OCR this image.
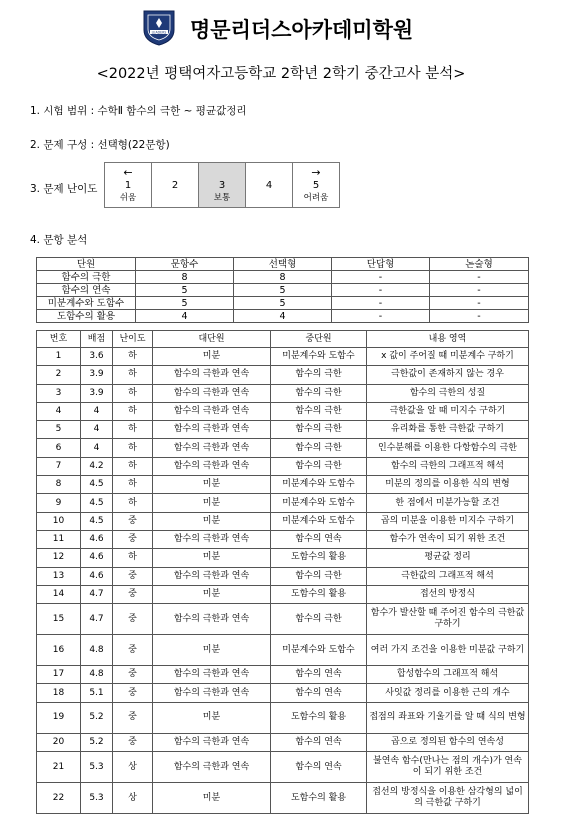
LEADERS 명문리더스아카데미학원
<2022년 평택여자고등학교 2학년 2학기 중간고사 분석>
1. 시험 범위 : 수학Ⅱ 함수의 극한 ~ 평균값정리
2. 문제 구성 : 선택형(22문항)
3. 문제 난이도
←
1
쉬움

2	3
보통

4

→
5
어려움
4. 문항 분석
단원	문항수	선택형	단답형	논술형
함수의 극한	8	8	-	-
함수의 연속	5	5	-	-
미분계수와 도함수	5	5	-	-
도함수의 활용	4	4	-	-
번호	배점	난이도	대단원	중단원	내용 영역
1	3.6	하	미분	미분계수와 도함수	x 값이 주어질 때 미분계수 구하기
2	3.9	하	함수의 극한과 연속	함수의 극한	극한값이 존재하지 않는 경우
3	3.9	하	함수의 극한과 연속	함수의 극한	함수의 극한의 성질
4	4	하	함수의 극한과 연속	함수의 극한	극한값을 알 때 미지수 구하기
5	4	하	함수의 극한과 연속	함수의 극한	유리화를 통한 극한값 구하기
6	4	하	함수의 극한과 연속	함수의 극한	인수분해를 이용한 다항함수의 극한
7	4.2	하	함수의 극한과 연속	함수의 극한	함수의 극한의 그래프적 해석
8	4.5	하	미분	미분계수와 도함수	미분의 정의를 이용한 식의 변형
9	4.5	하	미분	미분계수와 도함수	한 점에서 미분가능할 조건
10	4.5	중	미분	미분계수와 도함수	곱의 미분을 이용한 미지수 구하기
11	4.6	중	함수의 극한과 연속	함수의 연속	함수가 연속이 되기 위한 조건
12	4.6	하	미분	도함수의 활용	평균값 정리
13	4.6	중	함수의 극한과 연속	함수의 극한	극한값의 그래프적 해석
14	4.7	중	미분	도함수의 활용	접선의 방정식
15	4.7	중	함수의 극한과 연속	함수의 극한	함수가 발산할 때 주어진 함수의 극한값 구하기
16	4.8	중	미분	미분계수와 도함수	여러 가지 조건을 이용한 미분값 구하기
17	4.8	중	함수의 극한과 연속	함수의 연속	합성함수의 그래프적 해석
18	5.1	중	함수의 극한과 연속	함수의 연속	사잇값 정리를 이용한 근의 개수
19	5.2	중	미분	도함수의 활용	접점의 좌표와 기울기를 알 때 식의 변형
20	5.2	중	함수의 극한과 연속	함수의 연속	곱으로 정의된 함수의 연속성
21	5.3	상	함수의 극한과 연속	함수의 연속	불연속 함수(만나는 점의 개수)가 연속이 되기 위한 조건
22	5.3	상	미분	도함수의 활용	접선의 방정식을 이용한 삼각형의 넓이의 극한값 구하기
